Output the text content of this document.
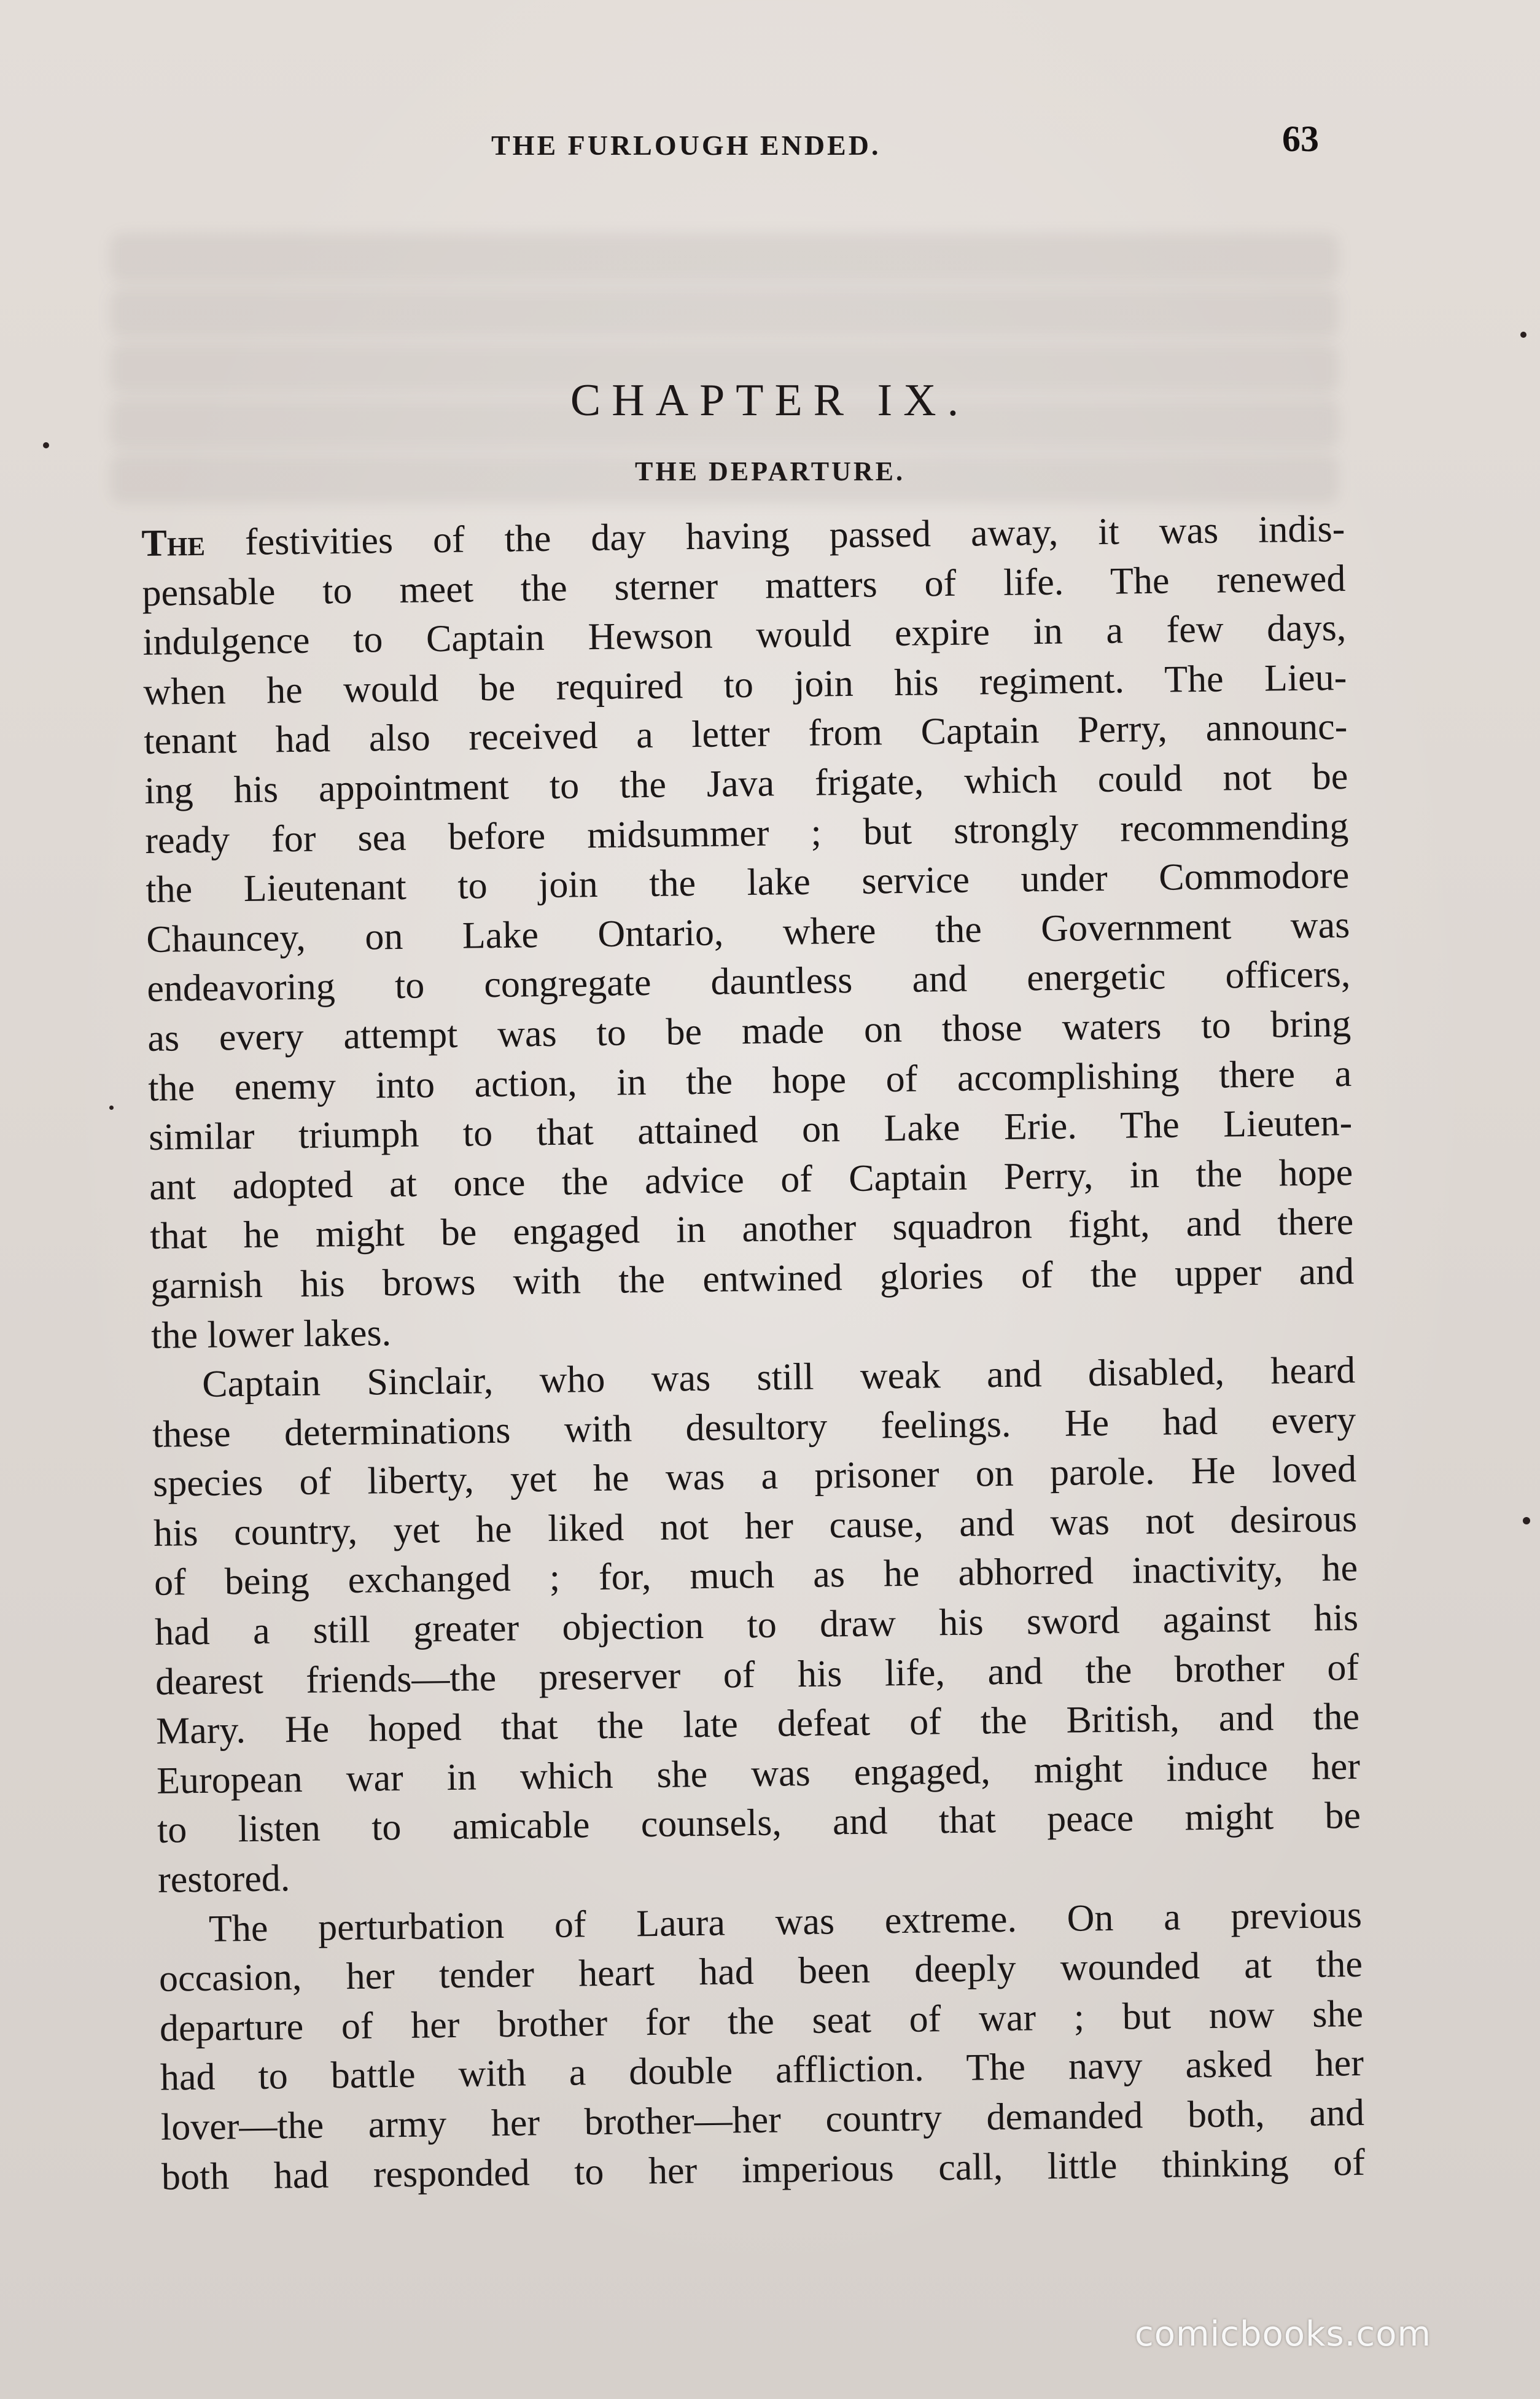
THE FURLOUGH ENDED.	63
CHAPTER IX.
THE DEPARTURE.
The festivities of the day having passed away, it was indis-
pensable to meet the sterner matters of life. The renewed
indulgence to Captain Hewson would expire in a few days,
when he would be required to join his regiment. The Lieu-
tenant had also received a letter from Captain Perry, announc-
ing his appointment to the Java frigate, which could not be
ready for sea before midsummer ; but strongly recommending
the Lieutenant to join the lake service under Commodore
Chauncey, on Lake Ontario, where the Government was
endeavoring to congregate dauntless and energetic officers,
as every attempt was to be made on those waters to bring
the enemy into action, in the hope of accomplishing there a
similar triumph to that attained on Lake Erie. The Lieuten-
ant adopted at once the advice of Captain Perry, in the hope
that he might be engaged in another squadron fight, and there
garnish his brows with the entwined glories of the upper and
the lower lakes.
Captain Sinclair, who was still weak and disabled, heard
these determinations with desultory feelings. He had every
species of liberty, yet he was a prisoner on parole. He loved
his country, yet he liked not her cause, and was not desirous
of being exchanged ; for, much as he abhorred inactivity, he
had a still greater objection to draw his sword against his
dearest friends—the preserver of his life, and the brother of
Mary. He hoped that the late defeat of the British, and the
European war in which she was engaged, might induce her
to listen to amicable counsels, and that peace might be
restored.
The perturbation of Laura was extreme. On a previous
occasion, her tender heart had been deeply wounded at the
departure of her brother for the seat of war ; but now she
had to battle with a double affliction. The navy asked her
lover—the army her brother—her country demanded both, and
both had responded to her imperious call, little thinking of
comicbooks.com
